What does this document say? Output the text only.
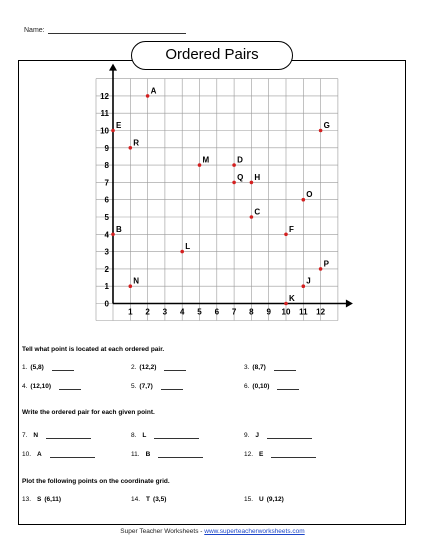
Name:
Ordered Pairs
1 2 3 4 5 6 7 8 9 10 11 12
0
1
2
3
4
5
6
7
8
9
10
11
12
A
B
C
D
E
F
G
H
J
K
L
M
N
O
P
Q
R
Tell what point is located at each ordered pair.
1. (5,8)	2. (12,2)	3. (8,7)
4. (12,10)	5. (7,7)	6. (0,10)
Write the ordered pair for each given point.
7. N	8. L	9. J
10. A	11. B	12. E
Plot the following points on the coordinate grid.
13. S (6,11)	14. T (3,5)	15. U (9,12)
Super Teacher Worksheets - www.superteacherworksheets.com
